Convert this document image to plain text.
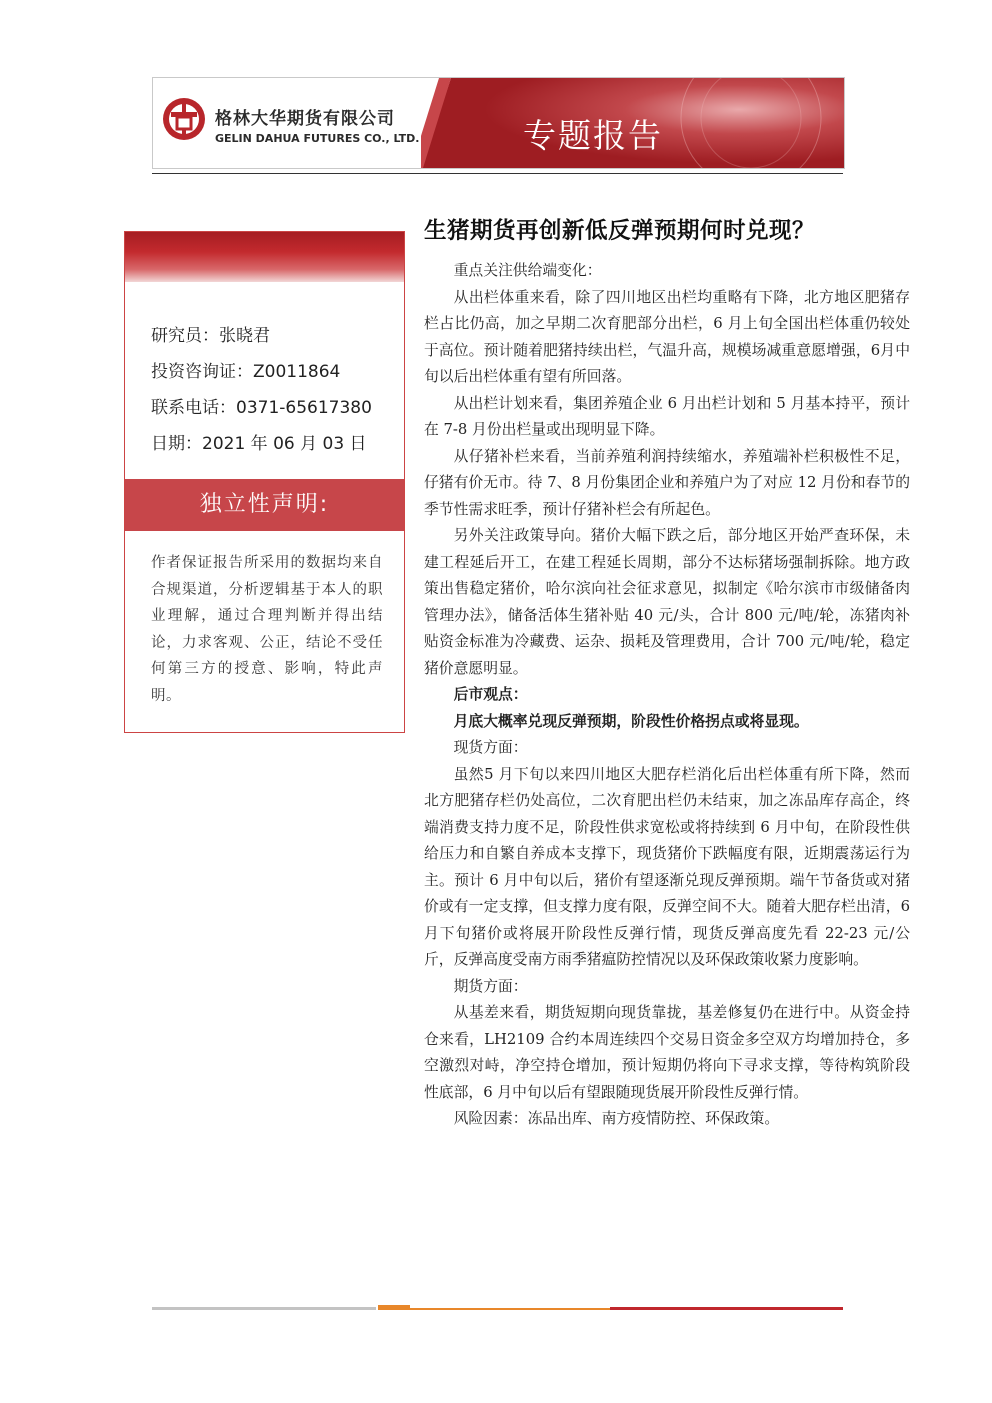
格林大华期货有限公司
GELIN DAHUA FUTURES CO., LTD.	专题报告
研究员：张晓君
投资咨询证：Z0011864
联系电话：0371-65617380
日期：2021 年 06 月 03 日
独立性声明:
作者保证报告所采用的数据均来自合规渠道，分析逻辑基于本人的职业理解，通过合理判断并得出结论，力求客观、公正，结论不受任何第三方的授意、影响，特此声明。
生猪期货再创新低反弹预期何时兑现？

重点关注供给端变化：

从出栏体重来看，除了四川地区出栏均重略有下降，北方地区肥猪存栏占比仍高，加之早期二次育肥部分出栏，6 月上旬全国出栏体重仍较处于高位。预计随着肥猪持续出栏，气温升高，规模场减重意愿增强，6月中旬以后出栏体重有望有所回落。

从出栏计划来看，集团养殖企业 6 月出栏计划和 5 月基本持平，预计在 7-8 月份出栏量或出现明显下降。

从仔猪补栏来看，当前养殖利润持续缩水，养殖端补栏积极性不足，仔猪有价无市。待 7、8 月份集团企业和养殖户为了对应 12 月份和春节的季节性需求旺季，预计仔猪补栏会有所起色。

另外关注政策导向。猪价大幅下跌之后，部分地区开始严查环保，未建工程延后开工，在建工程延长周期，部分不达标猪场强制拆除。地方政策出售稳定猪价，哈尔滨向社会征求意见，拟制定《哈尔滨市市级储备肉管理办法》，储备活体生猪补贴 40 元/头，合计 800 元/吨/轮，冻猪肉补贴资金标准为冷藏费、运杂、损耗及管理费用，合计 700 元/吨/轮，稳定猪价意愿明显。

后市观点：

月底大概率兑现反弹预期，阶段性价格拐点或将显现。

现货方面：

虽然5 月下旬以来四川地区大肥存栏消化后出栏体重有所下降，然而北方肥猪存栏仍处高位，二次育肥出栏仍未结束，加之冻品库存高企，终端消费支持力度不足，阶段性供求宽松或将持续到 6 月中旬，在阶段性供给压力和自繁自养成本支撑下，现货猪价下跌幅度有限，近期震荡运行为主。预计 6 月中旬以后，猪价有望逐渐兑现反弹预期。端午节备货或对猪价或有一定支撑，但支撑力度有限，反弹空间不大。随着大肥存栏出清，6 月下旬猪价或将展开阶段性反弹行情，现货反弹高度先看 22-23 元/公斤，反弹高度受南方雨季猪瘟防控情况以及环保政策收紧力度影响。

期货方面：

从基差来看，期货短期向现货靠拢，基差修复仍在进行中。从资金持仓来看，LH2109 合约本周连续四个交易日资金多空双方均增加持仓，多空激烈对峙，净空持仓增加，预计短期仍将向下寻求支撑，等待构筑阶段性底部，6 月中旬以后有望跟随现货展开阶段性反弹行情。

风险因素：冻品出库、南方疫情防控、环保政策。
